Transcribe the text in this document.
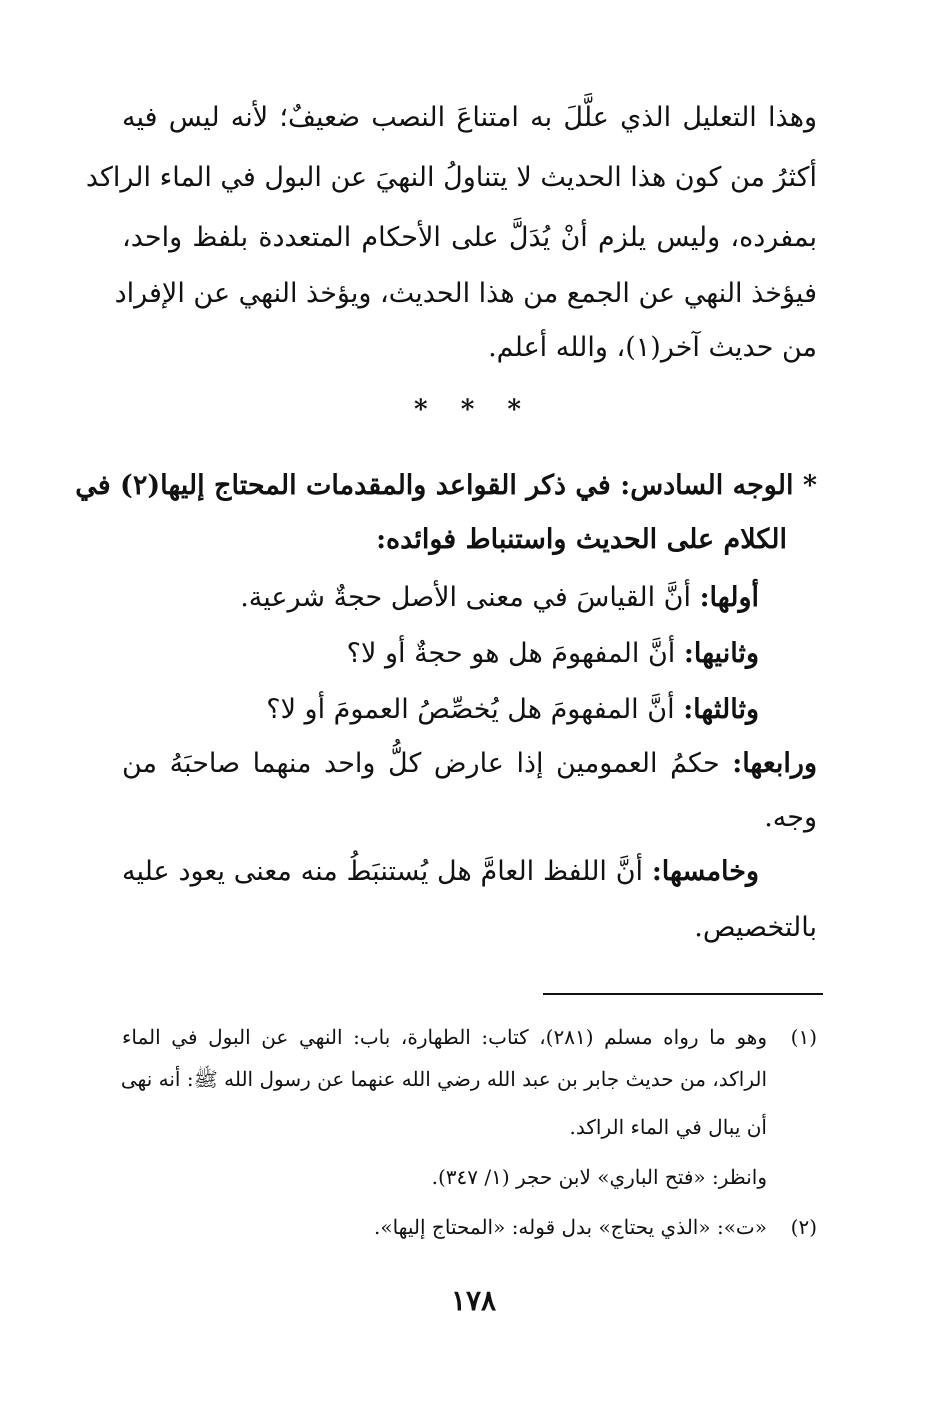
وهذا التعليل الذي علَّلَ به امتناعَ النصب ضعيفٌ؛ لأنه ليس فيه
أكثرُ من كون هذا الحديث لا يتناولُ النهيَ عن البول في الماء الراكد
بمفرده، وليس يلزم أنْ يُدَلَّ على الأحكام المتعددة بلفظ واحد،
فيؤخذ النهي عن الجمع من هذا الحديث، ويؤخذ النهي عن الإفراد
من حديث آخر(١)، والله أعلم.
* * *
* الوجه السادس: في ذكر القواعد والمقدمات المحتاج إليها(٢) في
الكلام على الحديث واستنباط فوائده:
أولها: أنَّ القياسَ في معنى الأصل حجةٌ شرعية.
وثانيها: أنَّ المفهومَ هل هو حجةٌ أو لا؟
وثالثها: أنَّ المفهومَ هل يُخصِّصُ العمومَ أو لا؟
ورابعها: حكمُ العمومين إذا عارض كلُّ واحد منهما صاحبَهُ من
وجه.
وخامسها: أنَّ اللفظ العامَّ هل يُستنبَطُ منه معنى يعود عليه
بالتخصيص.
(١)
وهو ما رواه مسلم (٢٨١)، كتاب: الطهارة، باب: النهي عن البول في الماء
الراكد، من حديث جابر بن عبد الله رضي الله عنهما عن رسول الله ﷺ: أنه نهى
أن يبال في الماء الراكد.
وانظر: «فتح الباري» لابن حجر (١/ ٣٤٧).
(٢)
«ت»: «الذي يحتاج» بدل قوله: «المحتاج إليها».
١٧٨
